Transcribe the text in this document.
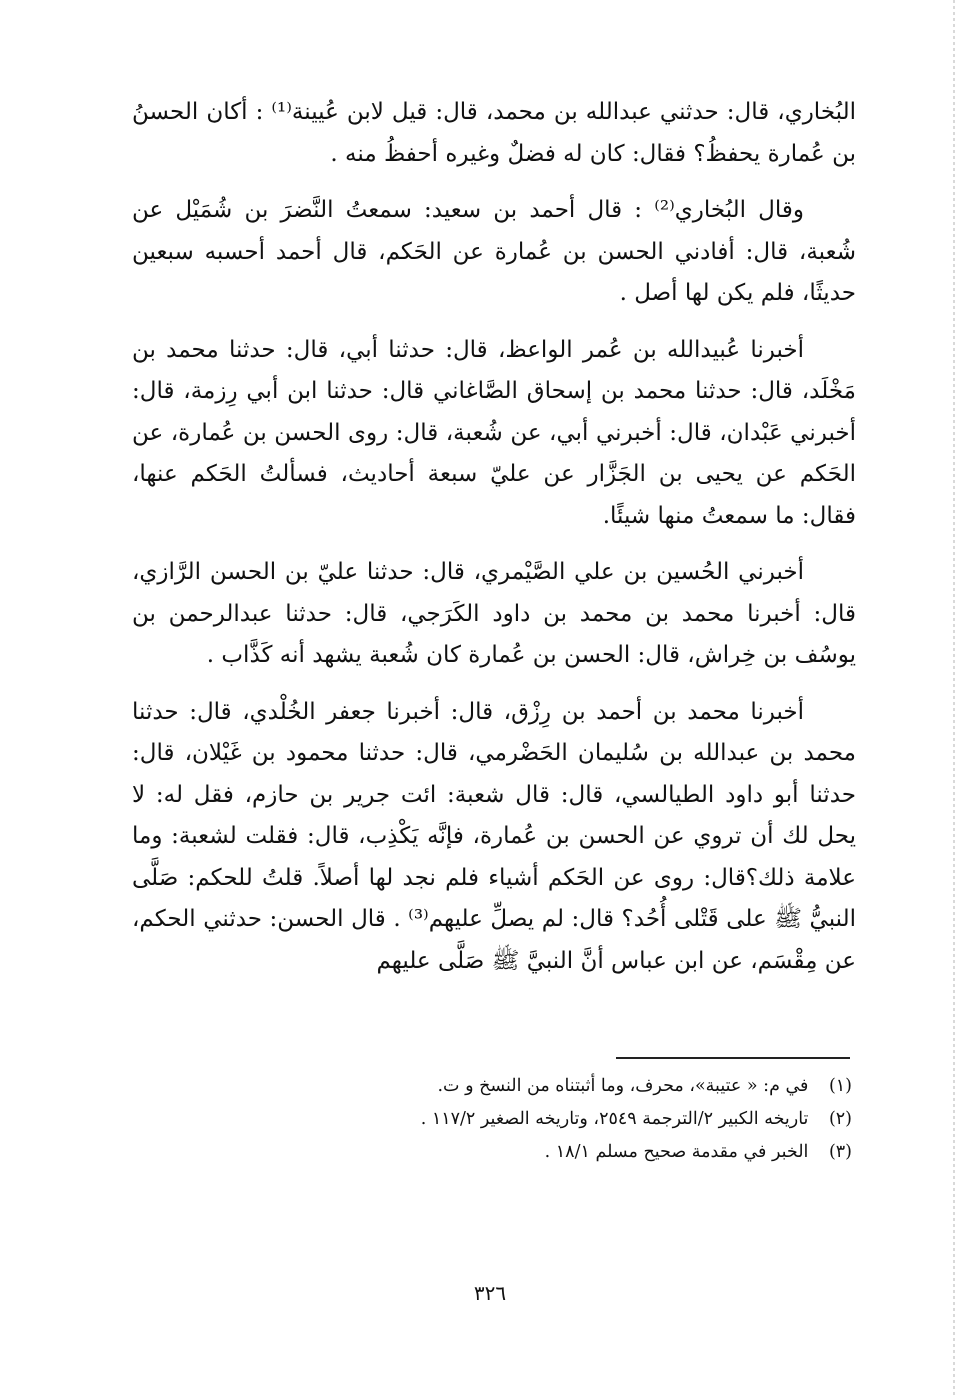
البُخاري، قال: حدثني عبدالله بن محمد، قال: قيل لابن عُيينة⁽¹⁾ : أكان الحسنُ بن عُمارة يحفظُ؟ فقال: كان له فضلٌ وغيره أحفظُ منه .

وقال البُخاري⁽²⁾ : قال أحمد بن سعيد: سمعتُ النَّضرَ بن شُمَيْل عن شُعبة، قال: أفادني الحسن بن عُمارة عن الحَكم، قال أحمد أحسبه سبعين حديثًا، فلم يكن لها أصل .

أخبرنا عُبيدالله بن عُمر الواعظ، قال: حدثنا أبي، قال: حدثنا محمد بن مَخْلَد، قال: حدثنا محمد بن إسحاق الصَّاغاني قال: حدثنا ابن أبي رِزمة، قال: أخبرني عَبْدان، قال: أخبرني أبي، عن شُعبة، قال: روى الحسن بن عُمارة، عن الحَكم عن يحيى بن الجَزَّار عن عليّ سبعة أحاديث، فسألتُ الحَكم عنها، فقال: ما سمعتُ منها شيئًا.

أخبرني الحُسين بن علي الصَّيْمري، قال: حدثنا عليّ بن الحسن الرَّازي، قال: أخبرنا محمد بن محمد بن داود الكَرَجي، قال: حدثنا عبدالرحمن بن يوسُف بن خِراش، قال: الحسن بن عُمارة كان شُعبة يشهد أنه كَذَّاب .

أخبرنا محمد بن أحمد بن رِزْق، قال: أخبرنا جعفر الخُلْدي، قال: حدثنا محمد بن عبدالله بن سُليمان الحَضْرمي، قال: حدثنا محمود بن غَيْلان، قال: حدثنا أبو داود الطيالسي، قال: قال شعبة: ائت جرير بن حازم، فقل له: لا يحل لك أن تروي عن الحسن بن عُمارة، فإنَّه يَكْذِب، قال: فقلت لشعبة: وما علامة ذلك؟قال: روى عن الحَكم أشياء فلم نجد لها أصلاً. قلتُ للحكم: صَلَّى النبيُّ ﷺ على قَتْلى أُحُد؟ قال: لم يصلِّ عليهم⁽³⁾ . قال الحسن: حدثني الحكم، عن مِقْسَم، عن ابن عباس أنَّ النبيَّ ﷺ صَلَّى عليهم

(١) في م: « عتيبة»، محرف، وما أثبتناه من النسخ و ت.
(٢) تاريخه الكبير ٢/الترجمة ٢٥٤٩، وتاريخه الصغير ١١٧/٢ .
(٣) الخبر في مقدمة صحيح مسلم ١٨/١ .
٣٢٦
